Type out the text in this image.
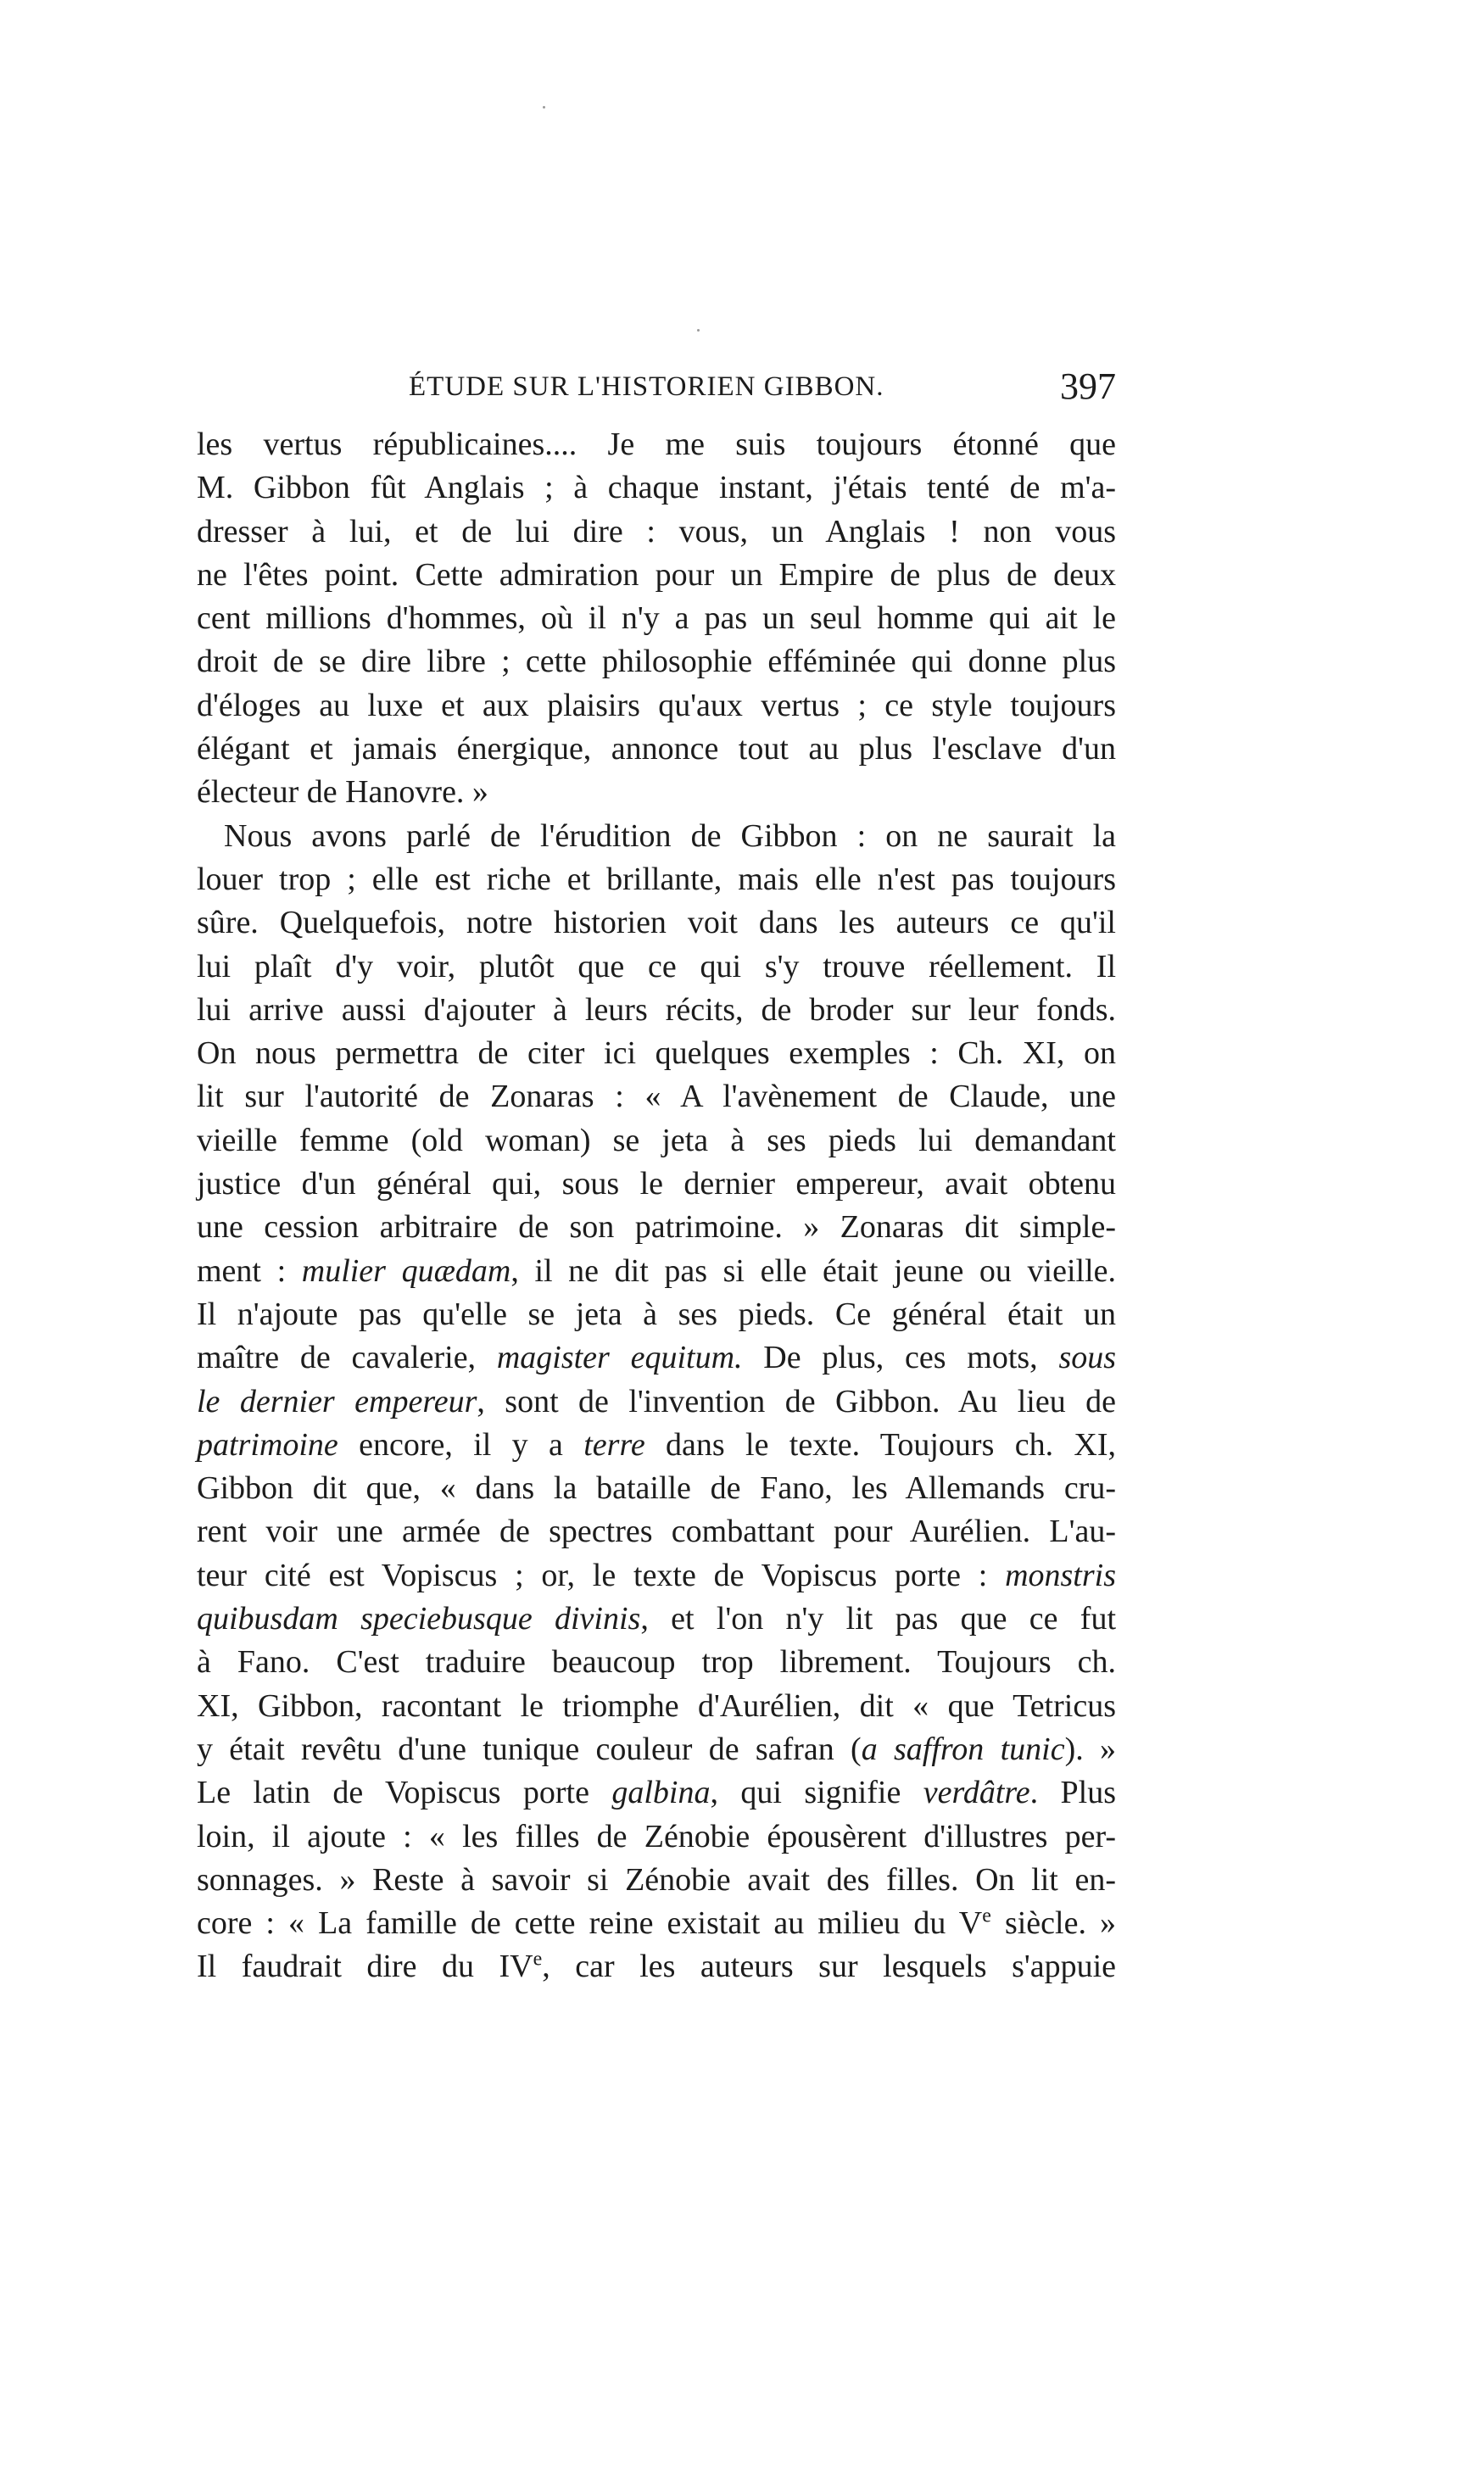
ÉTUDE SUR L'HISTORIEN GIBBON.	397
les vertus républicaines.... Je me suis toujours étonné que
M. Gibbon fût Anglais ; à chaque instant, j'étais tenté de m'a-
dresser à lui, et de lui dire : vous, un Anglais ! non vous
ne l'êtes point. Cette admiration pour un Empire de plus de deux
cent millions d'hommes, où il n'y a pas un seul homme qui ait le
droit de se dire libre ; cette philosophie efféminée qui donne plus
d'éloges au luxe et aux plaisirs qu'aux vertus ; ce style toujours
élégant et jamais énergique, annonce tout au plus l'esclave d'un
électeur de Hanovre. »
Nous avons parlé de l'érudition de Gibbon : on ne saurait la
louer trop ; elle est riche et brillante, mais elle n'est pas toujours
sûre. Quelquefois, notre historien voit dans les auteurs ce qu'il
lui plaît d'y voir, plutôt que ce qui s'y trouve réellement. Il
lui arrive aussi d'ajouter à leurs récits, de broder sur leur fonds.
On nous permettra de citer ici quelques exemples : Ch. XI, on
lit sur l'autorité de Zonaras : « A l'avènement de Claude, une
vieille femme (old woman) se jeta à ses pieds lui demandant
justice d'un général qui, sous le dernier empereur, avait obtenu
une cession arbitraire de son patrimoine. » Zonaras dit simple-
ment : mulier quædam, il ne dit pas si elle était jeune ou vieille.
Il n'ajoute pas qu'elle se jeta à ses pieds. Ce général était un
maître de cavalerie, magister equitum. De plus, ces mots, sous
le dernier empereur, sont de l'invention de Gibbon. Au lieu de
patrimoine encore, il y a terre dans le texte. Toujours ch. XI,
Gibbon dit que, « dans la bataille de Fano, les Allemands cru-
rent voir une armée de spectres combattant pour Aurélien. L'au-
teur cité est Vopiscus ; or, le texte de Vopiscus porte : monstris
quibusdam speciebusque divinis, et l'on n'y lit pas que ce fut
à Fano. C'est traduire beaucoup trop librement. Toujours ch.
XI, Gibbon, racontant le triomphe d'Aurélien, dit « que Tetricus
y était revêtu d'une tunique couleur de safran (a saffron tunic). »
Le latin de Vopiscus porte galbina, qui signifie verdâtre. Plus
loin, il ajoute : « les filles de Zénobie épousèrent d'illustres per-
sonnages. » Reste à savoir si Zénobie avait des filles. On lit en-
core : « La famille de cette reine existait au milieu du Ve siècle. »
Il faudrait dire du IVe, car les auteurs sur lesquels s'appuie
